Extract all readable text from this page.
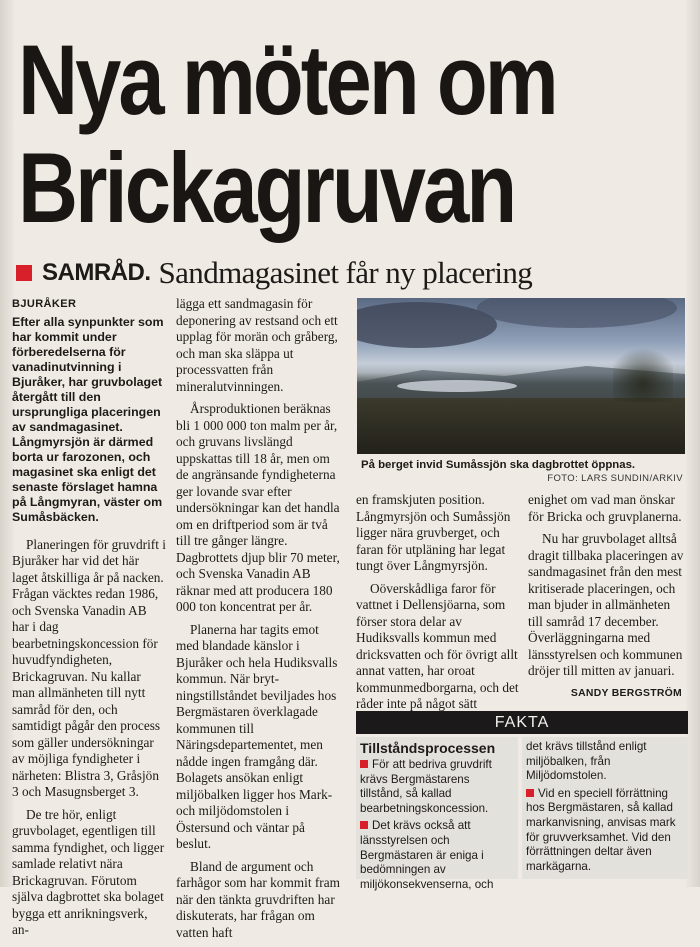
Nya möten om
Brickagruvan
SAMRÅD. Sandmagasinet får ny placering
BJURÅKER
Efter alla synpunkter som har kommit under förberedelserna för vanadinutvinning i Bjuråker, har gruvbolaget återgått till den ursprungliga placeringen av sandmagasinet. Långmyrsjön är därmed borta ur farozonen, och magasinet ska enligt det senaste förslaget hamna på Långmyran, väster om Sumåsbäcken.

Planeringen för gruvdrift i Bjuråker har vid det här laget åtskilliga år på nacken. Frågan väcktes redan 1986, och Svenska Vanadin AB har i dag bearbetningskoncession för huvudfyndigheten, Brickagruvan. Nu kallar man allmänheten till nytt samråd för den, och samtidigt pågår den process som gäller undersökningar av möjliga fyndigheter i närheten: Blistra 3, Gråsjön 3 och Masugnsberget 3.

De tre hör, enligt gruvbolaget, egentligen till samma fyndighet, och ligger samlade relativt nära Brickagruvan. Förutom själva dagbrottet ska bolaget bygga ett anrikningsverk, an-

lägga ett sandmagasin för deponering av restsand och ett upplag för morän och gråberg, och man ska släppa ut processvatten från mineralutvinningen.

Årsproduktionen beräknas bli 1 000 000 ton malm per år, och gruvans livslängd uppskattas till 18 år, men om de angränsande fyndigheterna ger lovande svar efter undersökningar kan det handla om en driftperiod som är två till tre gånger längre. Dagbrottets djup blir 70 meter, och Svenska Vanadin AB räknar med att producera 180 000 ton koncentrat per år.

Planerna har tagits emot med blandade känslor i Bjuråker och hela Hudiksvalls kommun. När brytningstillståndet beviljades hos Bergmästaren överklagade kommunen till Näringsdepartementet, men nådde ingen framgång där. Bolagets ansökan enligt miljöbalken ligger hos Mark- och miljödomstolen i Östersund och väntar på beslut.

Bland de argument och farhågor som har kommit fram när den tänkta gruvdriften har diskuterats, har frågan om vatten haft

På berget invid Sumåssjön ska dagbrottet öppnas.
FOTO: LARS SUNDIN/ARKIV

en framskjuten position. Långmyrsjön och Sumåssjön ligger nära gruvberget, och faran för utpläning har legat tungt över Långmyrsjön.

Oöverskådliga faror för vattnet i Dellensjöarna, som förser stora delar av Hudiksvalls kommun med dricksvatten och för övrigt allt annat vatten, har oroat kommunmedborgarna, och det råder inte på något sätt

enighet om vad man önskar för Bricka och gruvplanerna.

Nu har gruvbolaget alltså dragit tillbaka placeringen av sandmagasinet från den mest kritiserade placeringen, och man bjuder in allmänheten till samråd 17 december. Överläggningarna med länsstyrelsen och kommunen dröjer till mitten av januari.

SANDY BERGSTRÖM
FAKTA
Tillståndsprocessen

För att bedriva gruvdrift krävs Bergmästarens tillstånd, så kallad bearbetningskoncession.

Det krävs också att länsstyrelsen och Bergmästaren är eniga i bedömningen av miljökonsekvenserna, och

det krävs tillstånd enligt miljöbalken, från Miljödomstolen.

Vid en speciell förrättning hos Bergmästaren, så kallad markanvisning, anvisas mark för gruvverksamhet. Vid den förrättningen deltar även markägarna.
